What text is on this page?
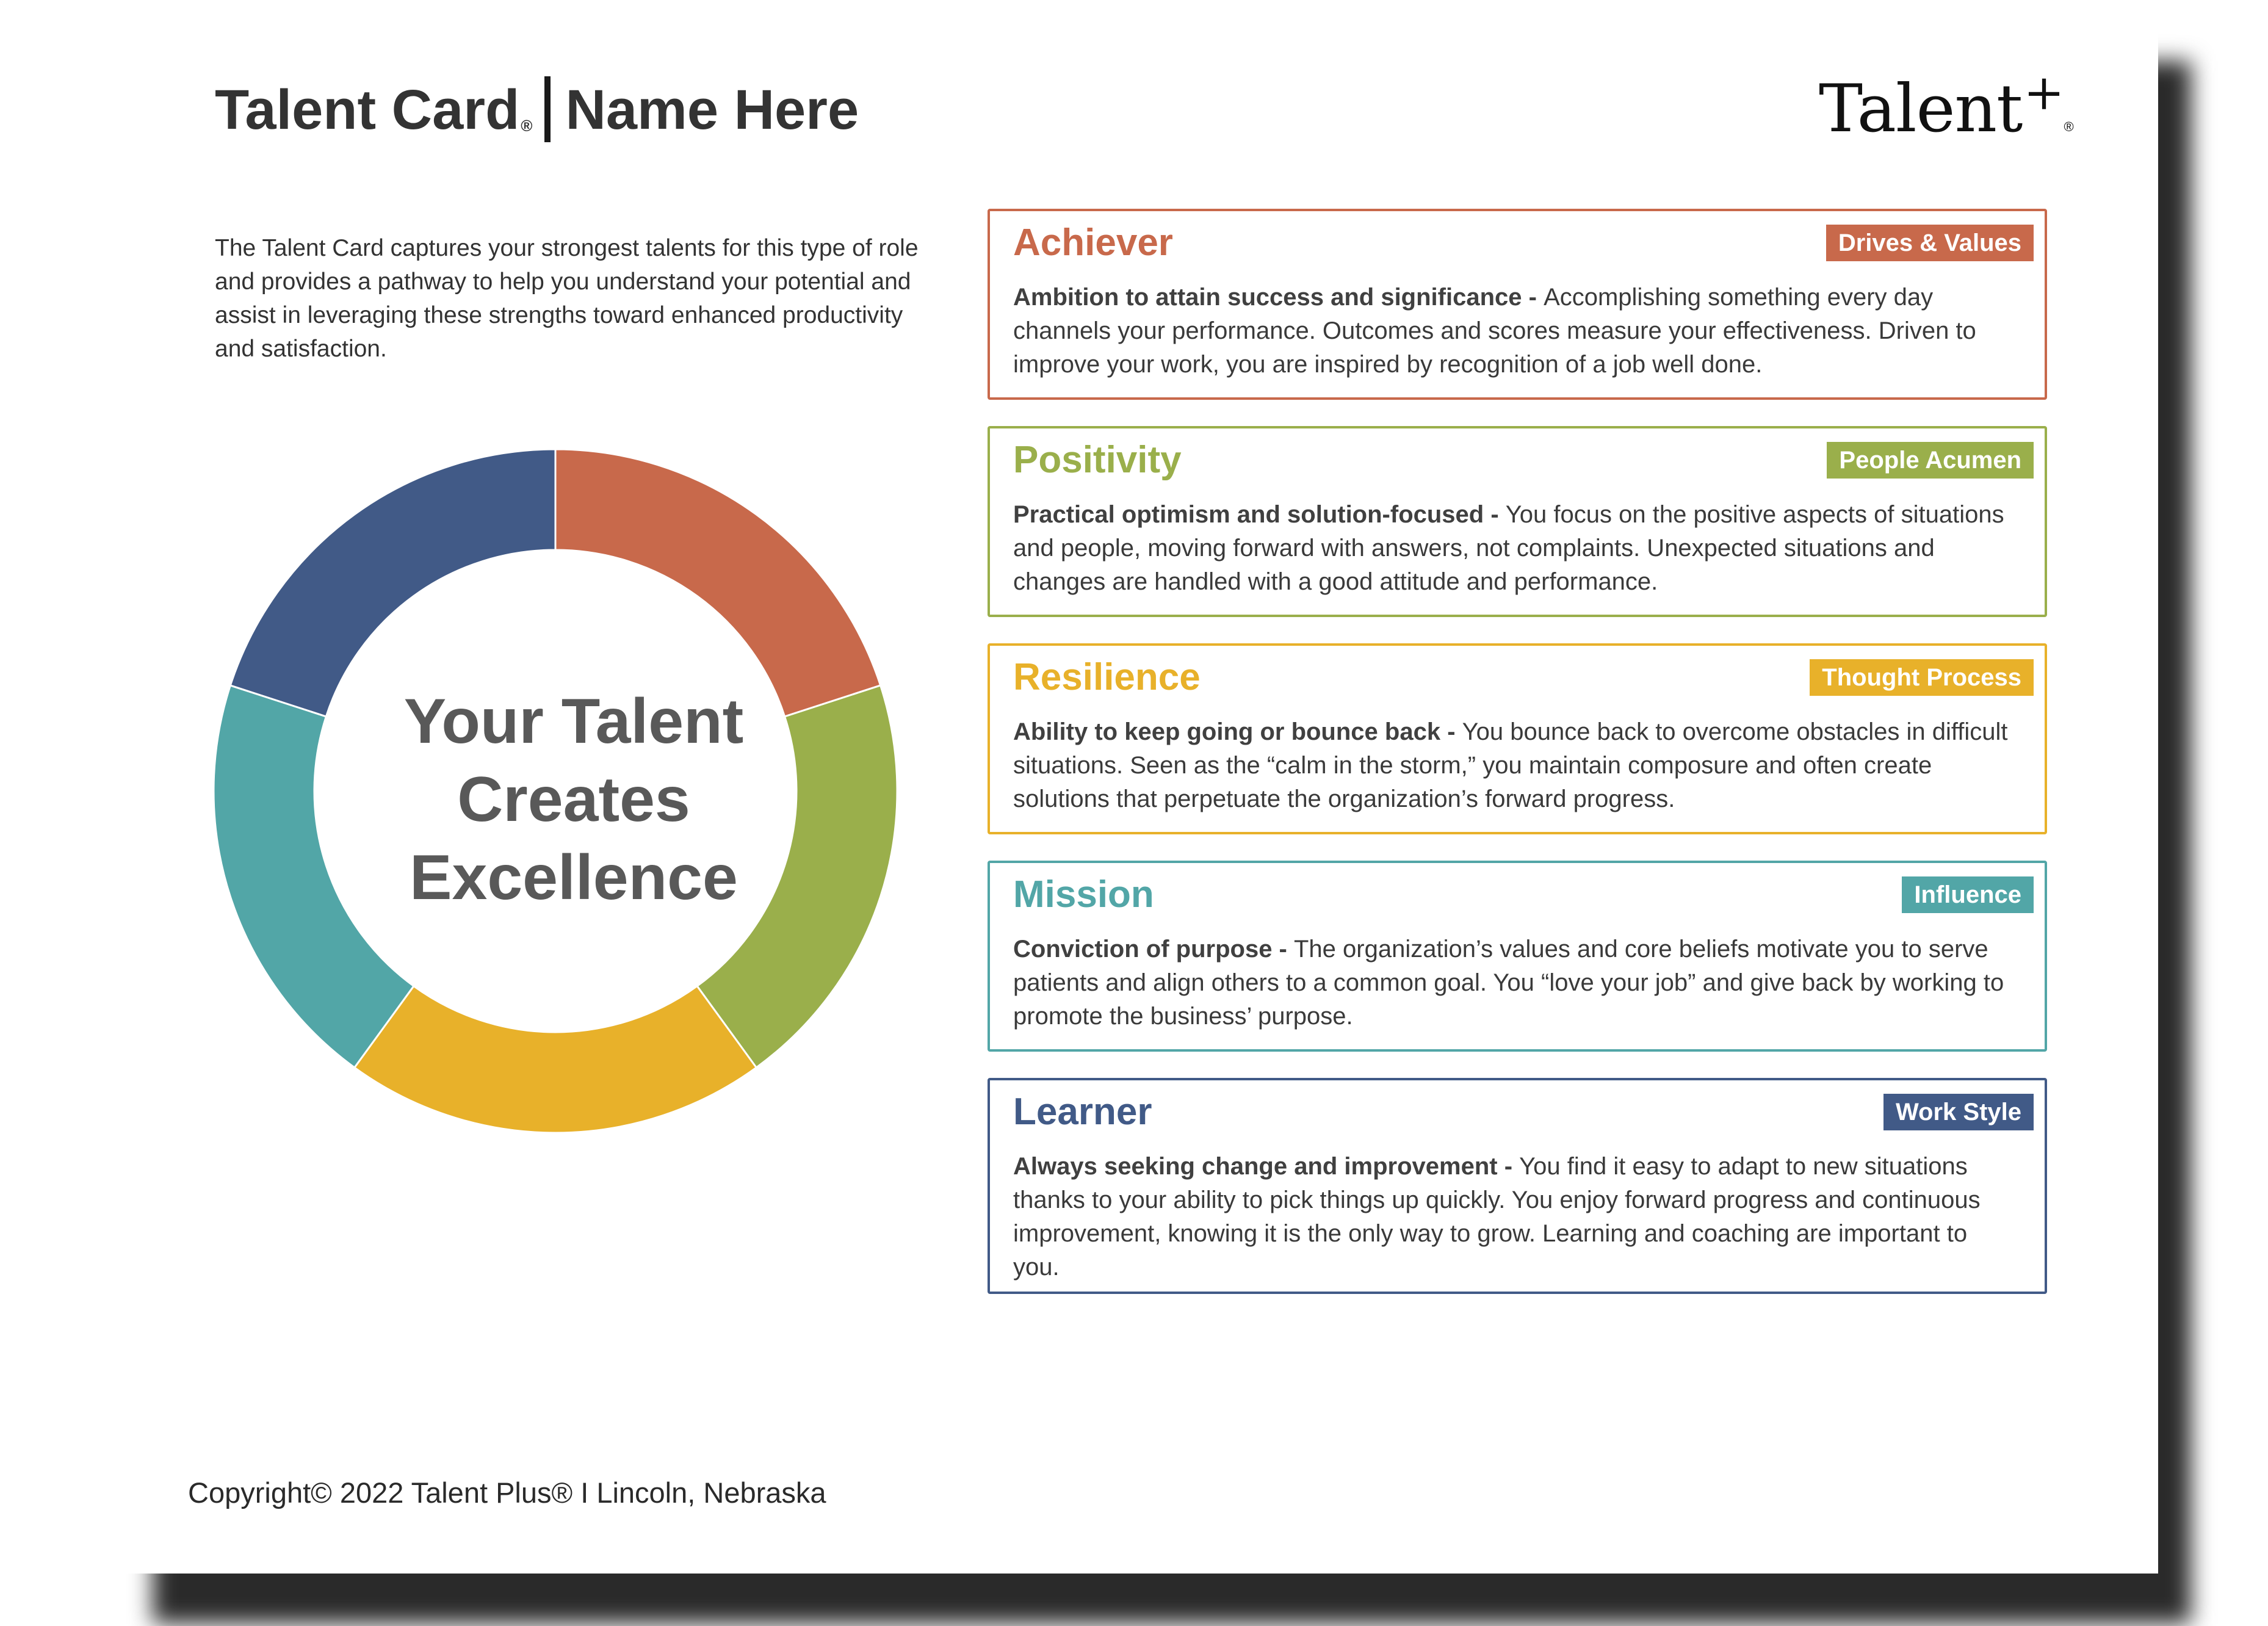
Talent Card® Name Here	Talent+®

The Talent Card captures your strongest talents for this type of role and provides a pathway to help you understand your potential and assist in leveraging these strengths toward enhanced productivity and satisfaction.

Your Talent
Creates
Excellence
Achiever	Drives & Values
Ambition to attain success and significance - Accomplishing something every day channels your performance. Outcomes and scores measure your effectiveness. Driven to improve your work, you are inspired by recognition of a job well done.
Positivity	People Acumen
Practical optimism and solution-focused - You focus on the positive aspects of situations and people, moving forward with answers, not complaints. Unexpected situations and changes are handled with a good attitude and performance.
Resilience	Thought Process
Ability to keep going or bounce back - You bounce back to overcome obstacles in difficult situations. Seen as the “calm in the storm,” you maintain composure and often create solutions that perpetuate the organization’s forward progress.
Mission	Influence
Conviction of purpose - The organization’s values and core beliefs motivate you to serve patients and align others to a common goal. You “love your job” and give back by working to promote the business’ purpose.
Learner	Work Style
Always seeking change and improvement - You find it easy to adapt to new situations thanks to your ability to pick things up quickly. You enjoy forward progress and continuous improvement, knowing it is the only way to grow. Learning and coaching are important to you.
Copyright© 2022 Talent Plus® I Lincoln, Nebraska
